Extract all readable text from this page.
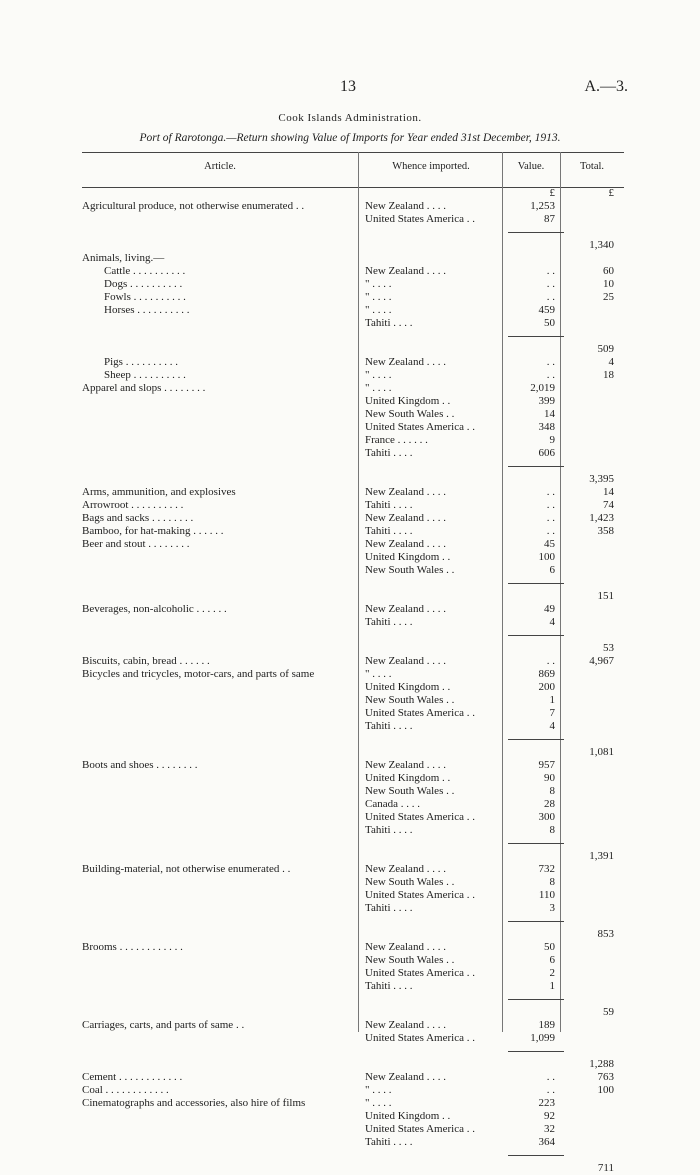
13	A.—3.
Cook Islands Administration.
Port of Rarotonga.—Return showing Value of Imports for Year ended 31st December, 1913.
Article.	Whence imported.	Value.	Total.
£	£
Agricultural produce, not otherwise enumerated . .	New Zealand . . . .	1,253
United States America . .	87
1,340
Animals, living.—
Cattle . . . . . . . . . .	New Zealand . . . .	. .	60
Dogs . . . . . . . . . .	" . . . .	. .	10
Fowls . . . . . . . . . .	" . . . .	. .	25
Horses . . . . . . . . . .	" . . . .	459
Tahiti . . . .	50
509
Pigs . . . . . . . . . .	New Zealand . . . .	. .	4
Sheep . . . . . . . . . .	" . . . .	. .	18
Apparel and slops . . . . . . . .	" . . . .	2,019
United Kingdom . .	399
New South Wales . .	14
United States America . .	348
France . . . . . .	9
Tahiti . . . .	606
3,395
Arms, ammunition, and explosives	New Zealand . . . .	. .	14
Arrowroot . . . . . . . . . .	Tahiti . . . .	. .	74
Bags and sacks . . . . . . . .	New Zealand . . . .	. .	1,423
Bamboo, for hat-making . . . . . .	Tahiti . . . .	. .	358
Beer and stout . . . . . . . .	New Zealand . . . .	45
United Kingdom . .	100
New South Wales . .	6
151
Beverages, non-alcoholic . . . . . .	New Zealand . . . .	49
Tahiti . . . .	4
53
Biscuits, cabin, bread . . . . . .	New Zealand . . . .	. .	4,967
Bicycles and tricycles, motor-cars, and parts of same	" . . . .	869
United Kingdom . .	200
New South Wales . .	1
United States America . .	7
Tahiti . . . .	4
1,081
Boots and shoes . . . . . . . .	New Zealand . . . .	957
United Kingdom . .	90
New South Wales . .	8
Canada . . . .	28
United States America . .	300
Tahiti . . . .	8
1,391
Building-material, not otherwise enumerated . .	New Zealand . . . .	732
New South Wales . .	8
United States America . .	110
Tahiti . . . .	3
853
Brooms . . . . . . . . . . . .	New Zealand . . . .	50
New South Wales . .	6
United States America . .	2
Tahiti . . . .	1
59
Carriages, carts, and parts of same . .	New Zealand . . . .	189
United States America . .	1,099
1,288
Cement . . . . . . . . . . . .	New Zealand . . . .	. .	763
Coal . . . . . . . . . . . .	" . . . .	. .	100
Cinematographs and accessories, also hire of films	" . . . .	223
United Kingdom . .	92
United States America . .	32
Tahiti . . . .	364
711
